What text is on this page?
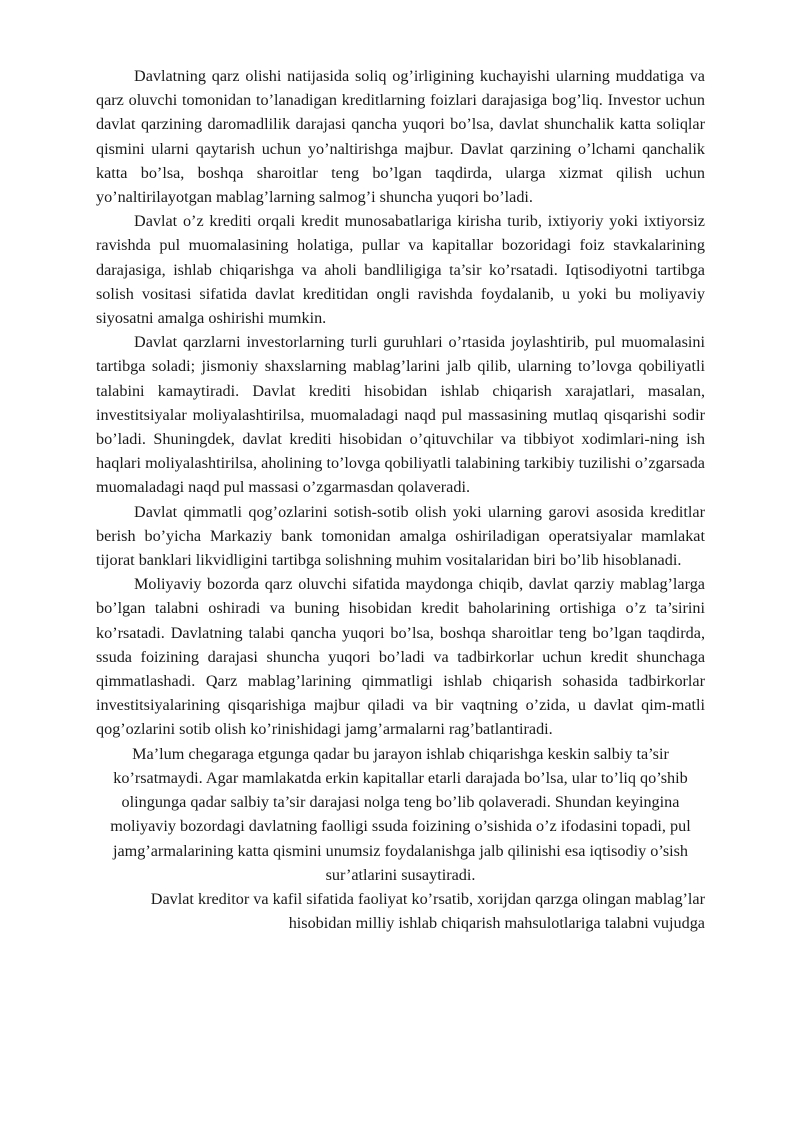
Davlatning qarz olishi natijasida soliq og’irligining kuchayishi ularning muddatiga va qarz oluvchi tomonidan to’lanadigan kreditlarning foizlari darajasiga bog’liq. Investor uchun davlat qarzining daromadlilik darajasi qancha yuqori bo’lsa, davlat shunchalik katta soliqlar qismini ularni qaytarish uchun yo’naltirishga majbur. Davlat qarzining o’lchami qanchalik katta bo’lsa, boshqa sharoitlar teng bo’lgan taqdirda, ularga xizmat qilish uchun yo’naltirilayotgan mablag’larning salmog’i shuncha yuqori bo’ladi.

Davlat o’z krediti orqali kredit munosabatlariga kirisha turib, ixtiyoriy yoki ixtiyorsiz ravishda pul muomalasining holatiga, pullar va kapitallar bozoridagi foiz stavkalarining darajasiga, ishlab chiqarishga va aholi bandliligiga ta’sir ko’rsatadi. Iqtisodiyotni tartibga solish vositasi sifatida davlat kreditidan ongli ravishda foydalanib, u yoki bu moliyaviy siyosatni amalga oshirishi mumkin.

Davlat qarzlarni investorlarning turli guruhlari o’rtasida joylashtirib, pul muomalasini tartibga soladi; jismoniy shaxslarning mablag’larini jalb qilib, ularning to’lovga qobiliyatli talabini kamaytiradi. Davlat krediti hisobidan ishlab chiqarish xarajatlari, masalan, investitsiyalar moliyalashtirilsa, muomaladagi naqd pul massasining mutlaq qisqarishi sodir bo’ladi. Shuningdek, davlat krediti hisobidan o’qituvchilar va tibbiyot xodimlari-ning ish haqlari moliyalashtirilsa, aholining to’lovga qobiliyatli talabining tarkibiy tuzilishi o’zgarsada muomaladagi naqd pul massasi o’zgarmasdan qolaveradi.

Davlat qimmatli qog’ozlarini sotish-sotib olish yoki ularning garovi asosida kreditlar berish bo’yicha Markaziy bank tomonidan amalga oshiriladigan operatsiyalar mamlakat tijorat banklari likvidligini tartibga solishning muhim vositalaridan biri bo’lib hisoblanadi.

Moliyaviy bozorda qarz oluvchi sifatida maydonga chiqib, davlat qarziy mablag’larga bo’lgan talabni oshiradi va buning hisobidan kredit baholarining ortishiga o’z ta’sirini ko’rsatadi. Davlatning talabi qancha yuqori bo’lsa, boshqa sharoitlar teng bo’lgan taqdirda, ssuda foizining darajasi shuncha yuqori bo’ladi va tadbirkorlar uchun kredit shunchaga qimmatlashadi. Qarz mablag’larining qimmatligi ishlab chiqarish sohasida tadbirkorlar investitsiyalarining qisqarishiga majbur qiladi va bir vaqtning o’zida, u davlat qim-matli qog’ozlarini sotib olish ko’rinishidagi jamg’armalarni rag’batlantiradi.

Ma’lum chegaraga etgunga qadar bu jarayon ishlab chiqarishga keskin salbiy ta’sir ko’rsatmaydi. Agar mamlakatda erkin kapitallar etarli darajada bo’lsa, ular to’liq qo’shib olingunga qadar salbiy ta’sir darajasi nolga teng bo’lib qolaveradi. Shundan keyingina moliyaviy bozordagi davlatning faolligi ssuda foizining o’sishida o’z ifodasini topadi, pul jamg’armalarining katta qismini unumsiz foydalanishga jalb qilinishi esa iqtisodiy o’sish sur’atlarini susaytiradi.

Davlat kreditor va kafil sifatida faoliyat ko’rsatib, xorijdan qarzga olingan mablag’lar hisobidan milliy ishlab chiqarish mahsulotlariga talabni vujudga
